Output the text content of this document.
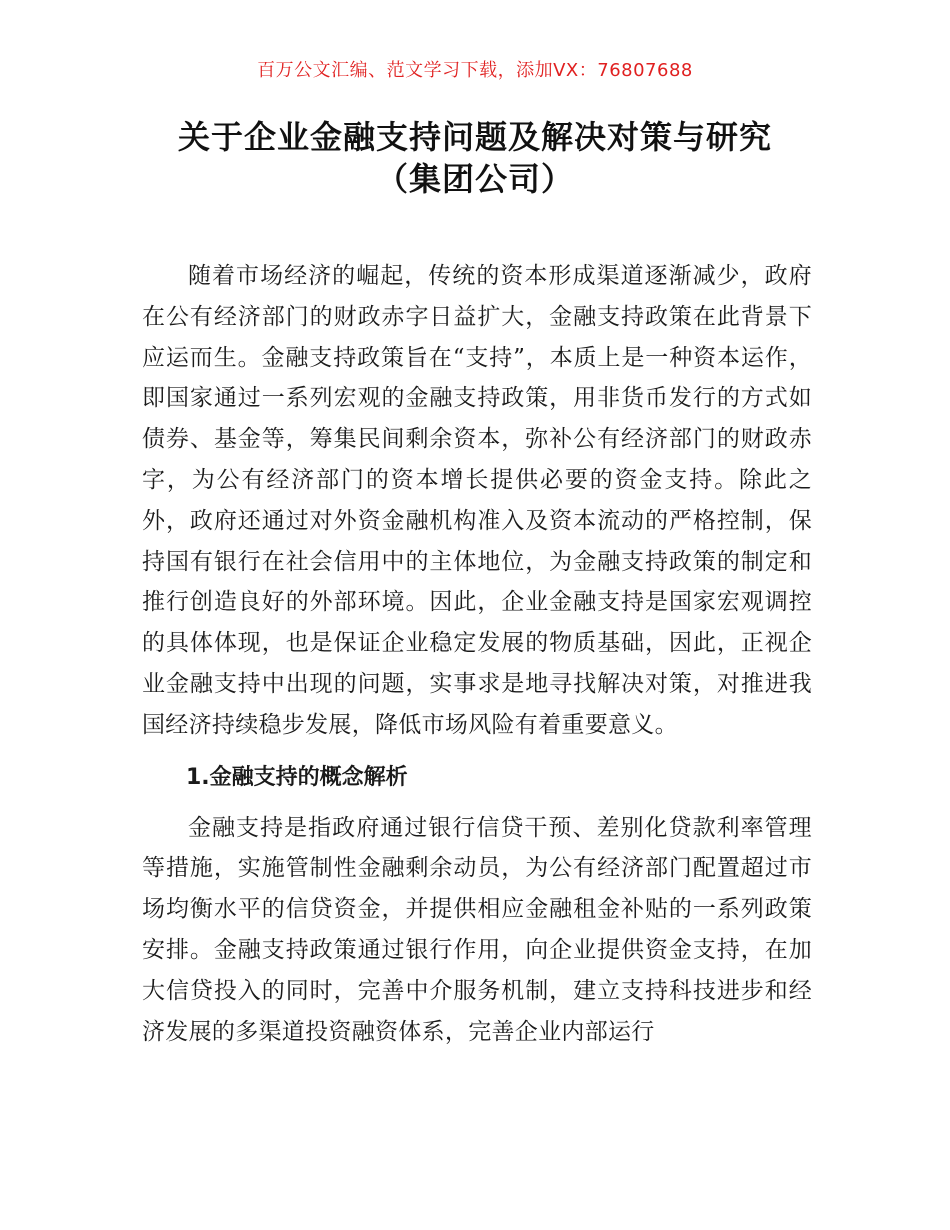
百万公文汇编、范文学习下载，添加VX：76807688
关于企业金融支持问题及解决对策与研究
（集团公司）

随着市场经济的崛起，传统的资本形成渠道逐渐减少，政府在公有经济部门的财政赤字日益扩大，金融支持政策在此背景下应运而生。金融支持政策旨在“支持”，本质上是一种资本运作，即国家通过一系列宏观的金融支持政策，用非货币发行的方式如债券、基金等，筹集民间剩余资本，弥补公有经济部门的财政赤字，为公有经济部门的资本增长提供必要的资金支持。除此之外，政府还通过对外资金融机构准入及资本流动的严格控制，保持国有银行在社会信用中的主体地位，为金融支持政策的制定和推行创造良好的外部环境。因此，企业金融支持是国家宏观调控的具体体现，也是保证企业稳定发展的物质基础，因此，正视企业金融支持中出现的问题，实事求是地寻找解决对策，对推进我国经济持续稳步发展，降低市场风险有着重要意义。

1.金融支持的概念解析

金融支持是指政府通过银行信贷干预、差别化贷款利率管理等措施，实施管制性金融剩余动员，为公有经济部门配置超过市场均衡水平的信贷资金，并提供相应金融租金补贴的一系列政策安排。金融支持政策通过银行作用，向企业提供资金支持，在加大信贷投入的同时，完善中介服务机制，建立支持科技进步和经济发展的多渠道投资融资体系，完善企业内部运行
